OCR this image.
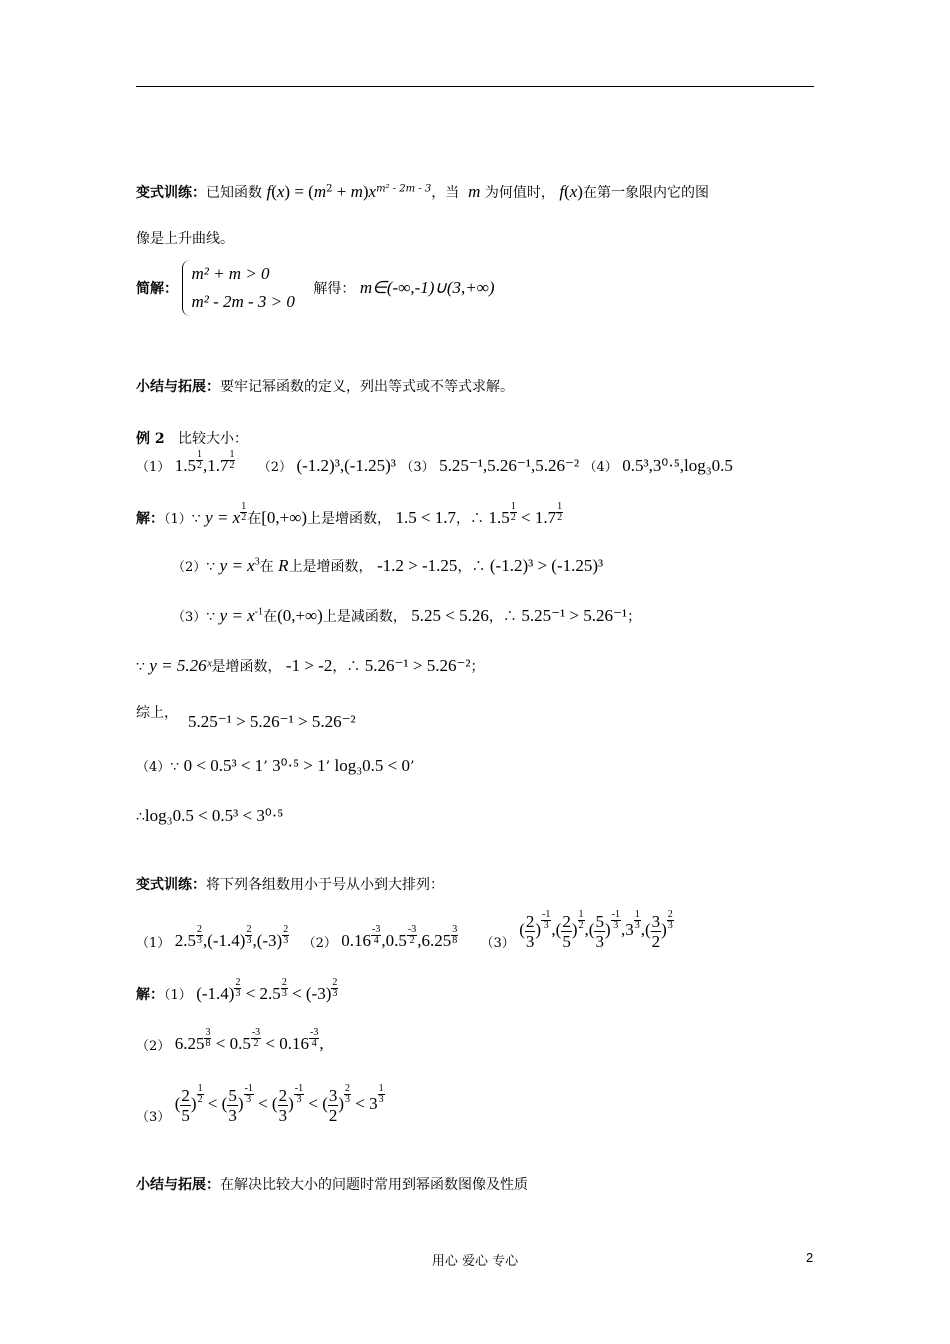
变式训练：已知函数 $f(x) = (m^2 + m)x^{m^2 - 2m - 3}$，当 m 为何值时， f(x)在第一象限内它的图
像是上升曲线。
简解：
m² + m > 0
m² - 2m - 3 > 0
解得： m∈(-∞,-1)∪(3,+∞)
小结与拓展：要牢记幂函数的定义，列出等式或不等式求解。
例 2 比较大小：
（1） $1.5 \frac{1}{2} ,1.7 \frac{1}{2} (2)$ (-1.2)³,(-1.25)³ （3） 5.25⁻¹,5.26⁻¹,5.26⁻² （4） 0.5³,3⁰·⁵,log₃0.5
解：（1）∵ y = x $\frac{1}{2}$ 在[0,+∞)上是增函数， 1.5 < 1.7，∴ $1.5 \frac{1}{2} < 1.7 \frac{1}{2}$
（2）∵ $y = x^3$在 R上是增函数， -1.2 > -1.25，∴ (-1.2)³ > (-1.25)³
（3）∵ $y = x^{-1}$在(0,+∞)上是减函数， 5.25 < 5.26，∴ 5.25⁻¹ > 5.26⁻¹；
∵ y = 5.26ˣ是增函数， -1 > -2，∴ 5.26⁻¹ > 5.26⁻²；
综上， 5.25⁻¹ > 5.26⁻¹ > 5.26⁻²
（4）∵ 0 < 0.5³ < 1’ 3⁰·⁵ > 1’ log₃0.5 < 0’
∴log₃0.5 < 0.5³ < 3⁰·⁵
变式训练：将下列各组数用小于号从小到大排列：
（1） $2.5 \frac{2}{3} ,(-1.4) \frac{2}{3} ,(-3) \frac{2}{3} (2)$ $0.16 \frac{-3}{4} ,0.5 \frac{-3}{2} ,6.25 \frac{3}{8} (3)$ ( $\frac{2}{3}$ ) $\frac{-1}{3}$ ,( $\frac{2}{5}$ ) $\frac{1}{2}$ ,( $\frac{5}{3}$ ) $\frac{-1}{3} ,3 \frac{1}{3}$ ,( $\frac{3}{2}$ ) $\frac{2}{3}$
解：（1） $(-1.4) \frac{2}{3} < 2.5 \frac{2}{3} < (-3) \frac{2}{3}$
（2） $6.25 \frac{3}{8} < 0.5 \frac{-3}{2} < 0.16 \frac{-3}{4}$ ,
（3） ( $\frac{2}{5}$ ) $\frac{1}{2}$ < ( $\frac{5}{3}$ ) $\frac{-1}{3}$ < ( $\frac{2}{3}$ ) $\frac{-1}{3}$ < ( $\frac{3}{2}$ ) $\frac{2}{3} < 3 \frac{1}{3}$
小结与拓展：在解决比较大小的问题时常用到幂函数图像及性质
用心 爱心 专心	2
